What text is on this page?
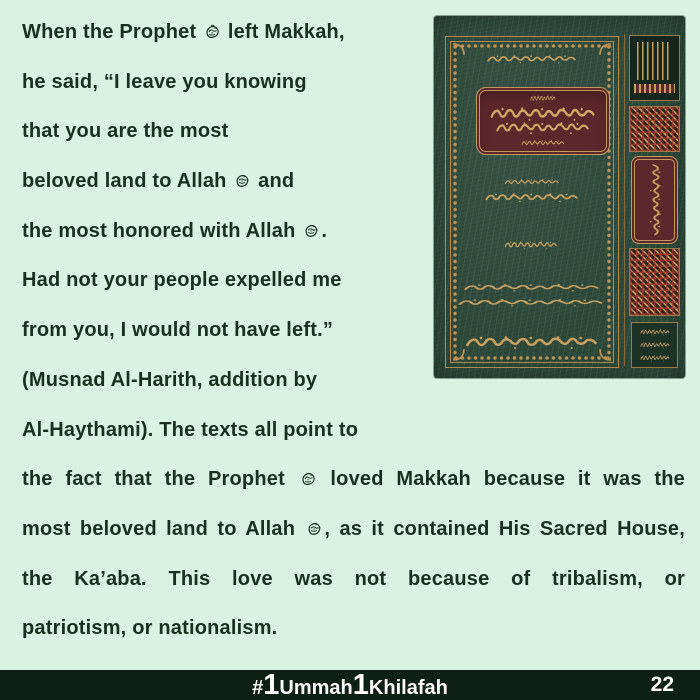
When the Prophet  left Makkah,
he said, “I leave you knowing
that you are the most
beloved land to Allah  and
the most honored with Allah .
Had not your people expelled me
from you, I would not have left.”
(Musnad Al-Harith, addition by
Al-Haythami). The texts all point to
the fact that the Prophet  loved Makkah because it was the
most beloved land to Allah , as it contained His Sacred House,
the Ka’aba. This love was not because of tribalism, or
patriotism, or nationalism.
#1Ummah1Khilafah	22
